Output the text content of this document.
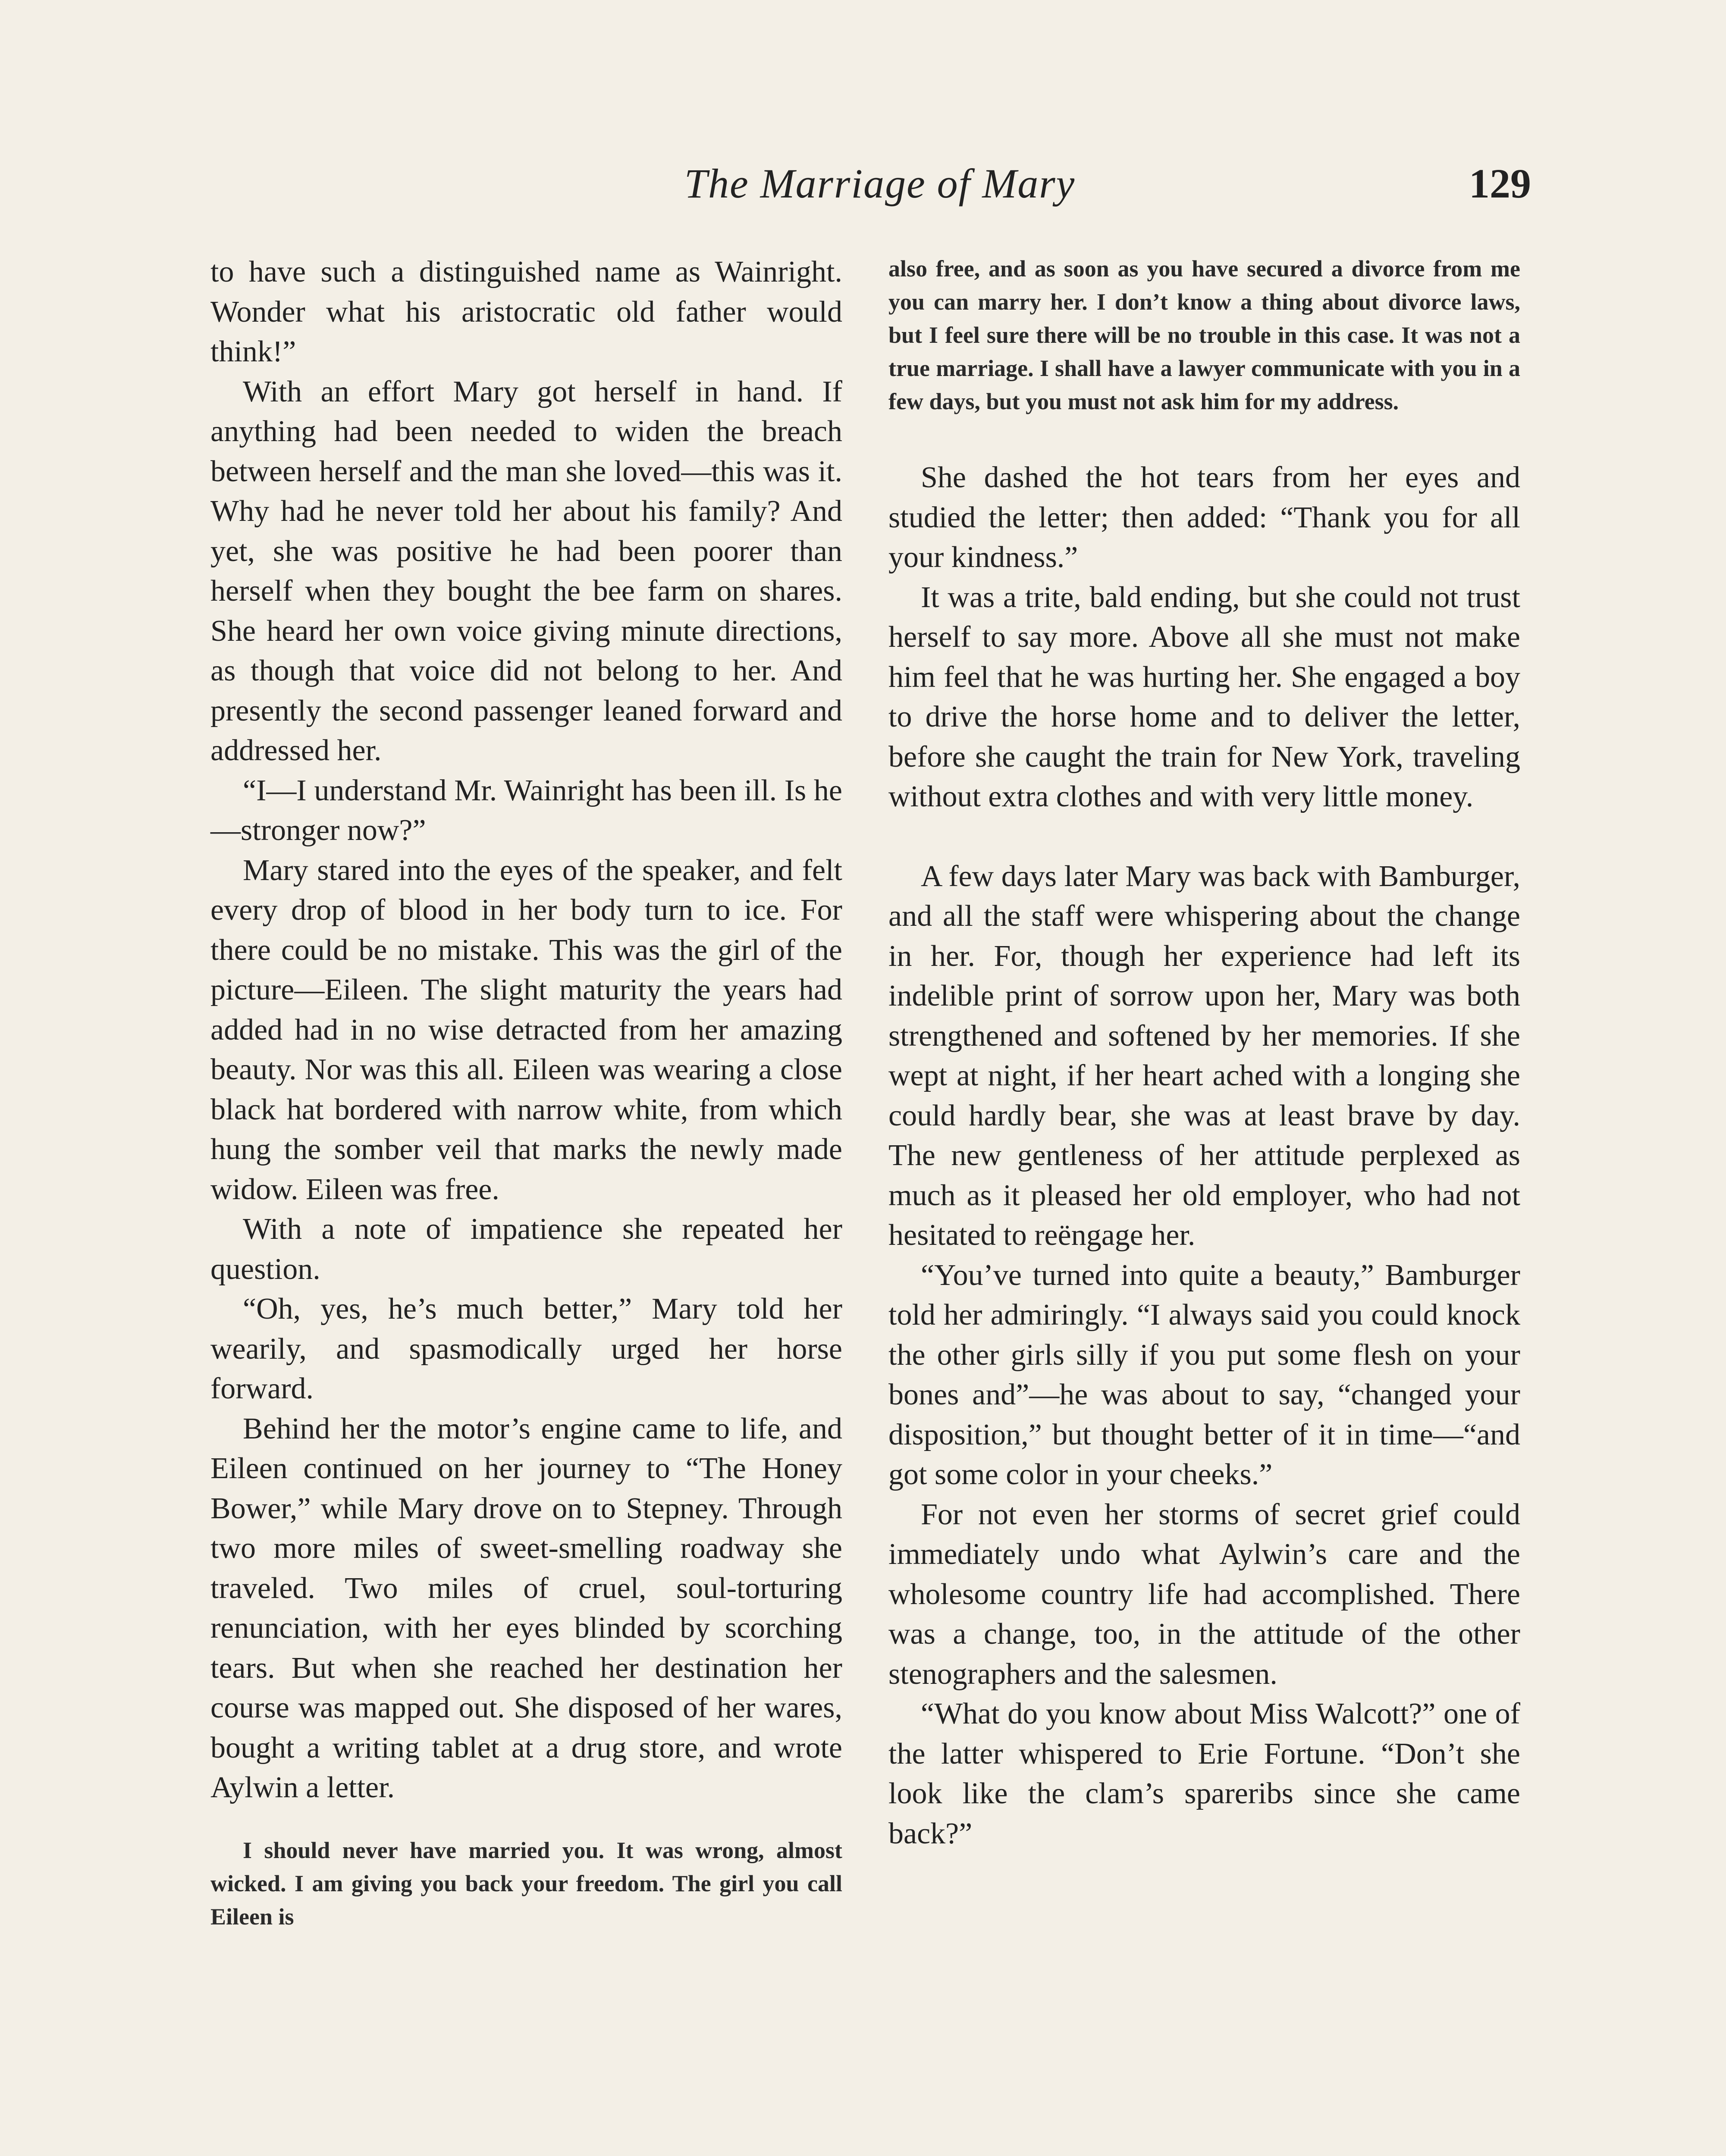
The Marriage of Mary	129

to have such a distinguished name as Wainright. Wonder what his aristocratic old father would think!”

With an effort Mary got herself in hand. If anything had been needed to widen the breach between herself and the man she loved—this was it. Why had he never told her about his family? And yet, she was positive he had been poorer than herself when they bought the bee farm on shares. She heard her own voice giving minute directions, as though that voice did not belong to her. And presently the second passenger leaned forward and addressed her.

“I—I understand Mr. Wainright has been ill. Is he—stronger now?”

Mary stared into the eyes of the speaker, and felt every drop of blood in her body turn to ice. For there could be no mistake. This was the girl of the picture—Eileen. The slight maturity the years had added had in no wise detracted from her amazing beauty. Nor was this all. Eileen was wearing a close black hat bordered with narrow white, from which hung the somber veil that marks the newly made widow. Eileen was free.

With a note of impatience she repeated her question.

“Oh, yes, he’s much better,” Mary told her wearily, and spasmodically urged her horse forward.

Behind her the motor’s engine came to life, and Eileen continued on her journey to “The Honey Bower,” while Mary drove on to Stepney. Through two more miles of sweet-smelling roadway she traveled. Two miles of cruel, soul-torturing renunciation, with her eyes blinded by scorching tears. But when she reached her destination her course was mapped out. She disposed of her wares, bought a writing tablet at a drug store, and wrote Aylwin a letter.

I should never have married you. It was wrong, almost wicked. I am giving you back your freedom. The girl you call Eileen is

also free, and as soon as you have secured a divorce from me you can marry her. I don’t know a thing about divorce laws, but I feel sure there will be no trouble in this case. It was not a true marriage. I shall have a lawyer communicate with you in a few days, but you must not ask him for my address.

She dashed the hot tears from her eyes and studied the letter; then added: “Thank you for all your kindness.”

It was a trite, bald ending, but she could not trust herself to say more. Above all she must not make him feel that he was hurting her. She engaged a boy to drive the horse home and to deliver the letter, before she caught the train for New York, traveling without extra clothes and with very little money.

A few days later Mary was back with Bamburger, and all the staff were whispering about the change in her. For, though her experience had left its indelible print of sorrow upon her, Mary was both strengthened and softened by her memories. If she wept at night, if her heart ached with a longing she could hardly bear, she was at least brave by day. The new gentleness of her attitude perplexed as much as it pleased her old employer, who had not hesitated to reëngage her.

“You’ve turned into quite a beauty,” Bamburger told her admiringly. “I always said you could knock the other girls silly if you put some flesh on your bones and”—he was about to say, “changed your disposition,” but thought better of it in time—“and got some color in your cheeks.”

For not even her storms of secret grief could immediately undo what Aylwin’s care and the wholesome country life had accomplished. There was a change, too, in the attitude of the other stenographers and the salesmen.

“What do you know about Miss Walcott?” one of the latter whispered to Erie Fortune. “Don’t she look like the clam’s spareribs since she came back?”
